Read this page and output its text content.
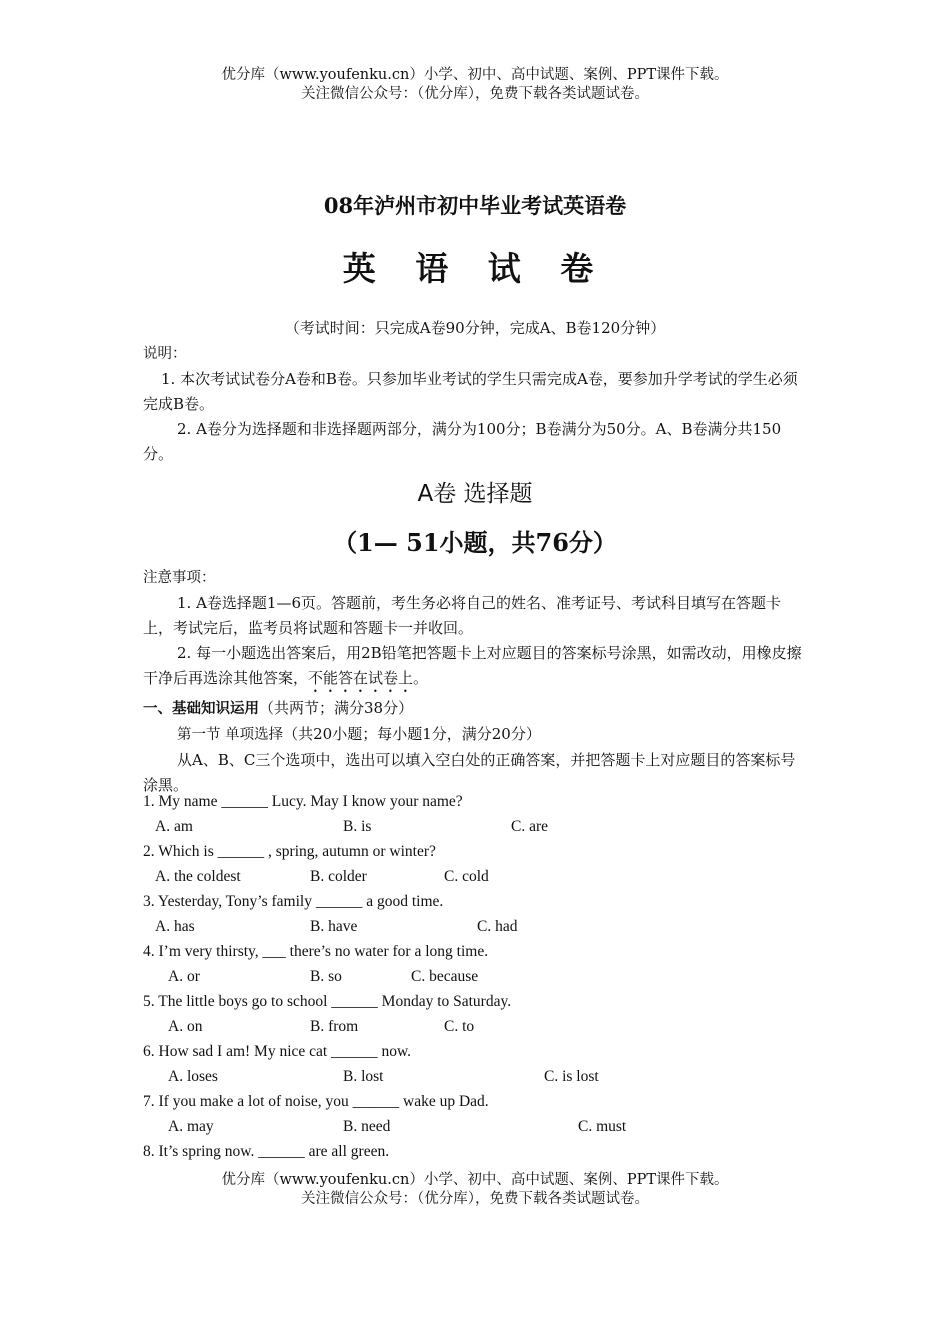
优分库（www.youfenku.cn）小学、初中、高中试题、案例、PPT课件下载。
关注微信公众号：（优分库），免费下载各类试题试卷。
08年泸州市初中毕业考试英语卷
英 语 试 卷
（考试时间：只完成A卷90分钟，完成A、B卷120分钟）
说明：
1. 本次考试试卷分A卷和B卷。只参加毕业考试的学生只需完成A卷，要参加升学考试的学生必须完成B卷。
2. A卷分为选择题和非选择题两部分，满分为100分；B卷满分为50分。A、B卷满分共150分。
A卷 选择题
（1— 51小题，共76分）
注意事项：
1. A卷选择题1—6页。答题前，考生务必将自己的姓名、准考证号、考试科目填写在答题卡上，考试完后，监考员将试题和答题卡一并收回。
2. 每一小题选出答案后，用2B铅笔把答题卡上对应题目的答案标号涂黑，如需改动，用橡皮擦干净后再选涂其他答案，不能答在试卷上。
一、基础知识运用（共两节；满分38分）
第一节 单项选择（共20小题；每小题1分，满分20分）
从A、B、C三个选项中，选出可以填入空白处的正确答案，并把答题卡上对应题目的答案标号涂黑。
1. My name ______ Lucy. May I know your name?
A. am	B. is	C. are
2. Which is ______ , spring, autumn or winter?
A. the coldest	B. colder	C. cold
3. Yesterday, Tony’s family ______ a good time.
A. has	B. have	C. had
4. I’m very thirsty, ___ there’s no water for a long time.
A. or	B. so	C. because
5. The little boys go to school ______ Monday to Saturday.
A. on	B. from	C. to
6. How sad I am! My nice cat ______ now.
A. loses	B. lost	C. is lost
7. If you make a lot of noise, you ______ wake up Dad.
A. may	B. need	C. must
8. It’s spring now. ______ are all green.
优分库（www.youfenku.cn）小学、初中、高中试题、案例、PPT课件下载。
关注微信公众号：（优分库），免费下载各类试题试卷。
